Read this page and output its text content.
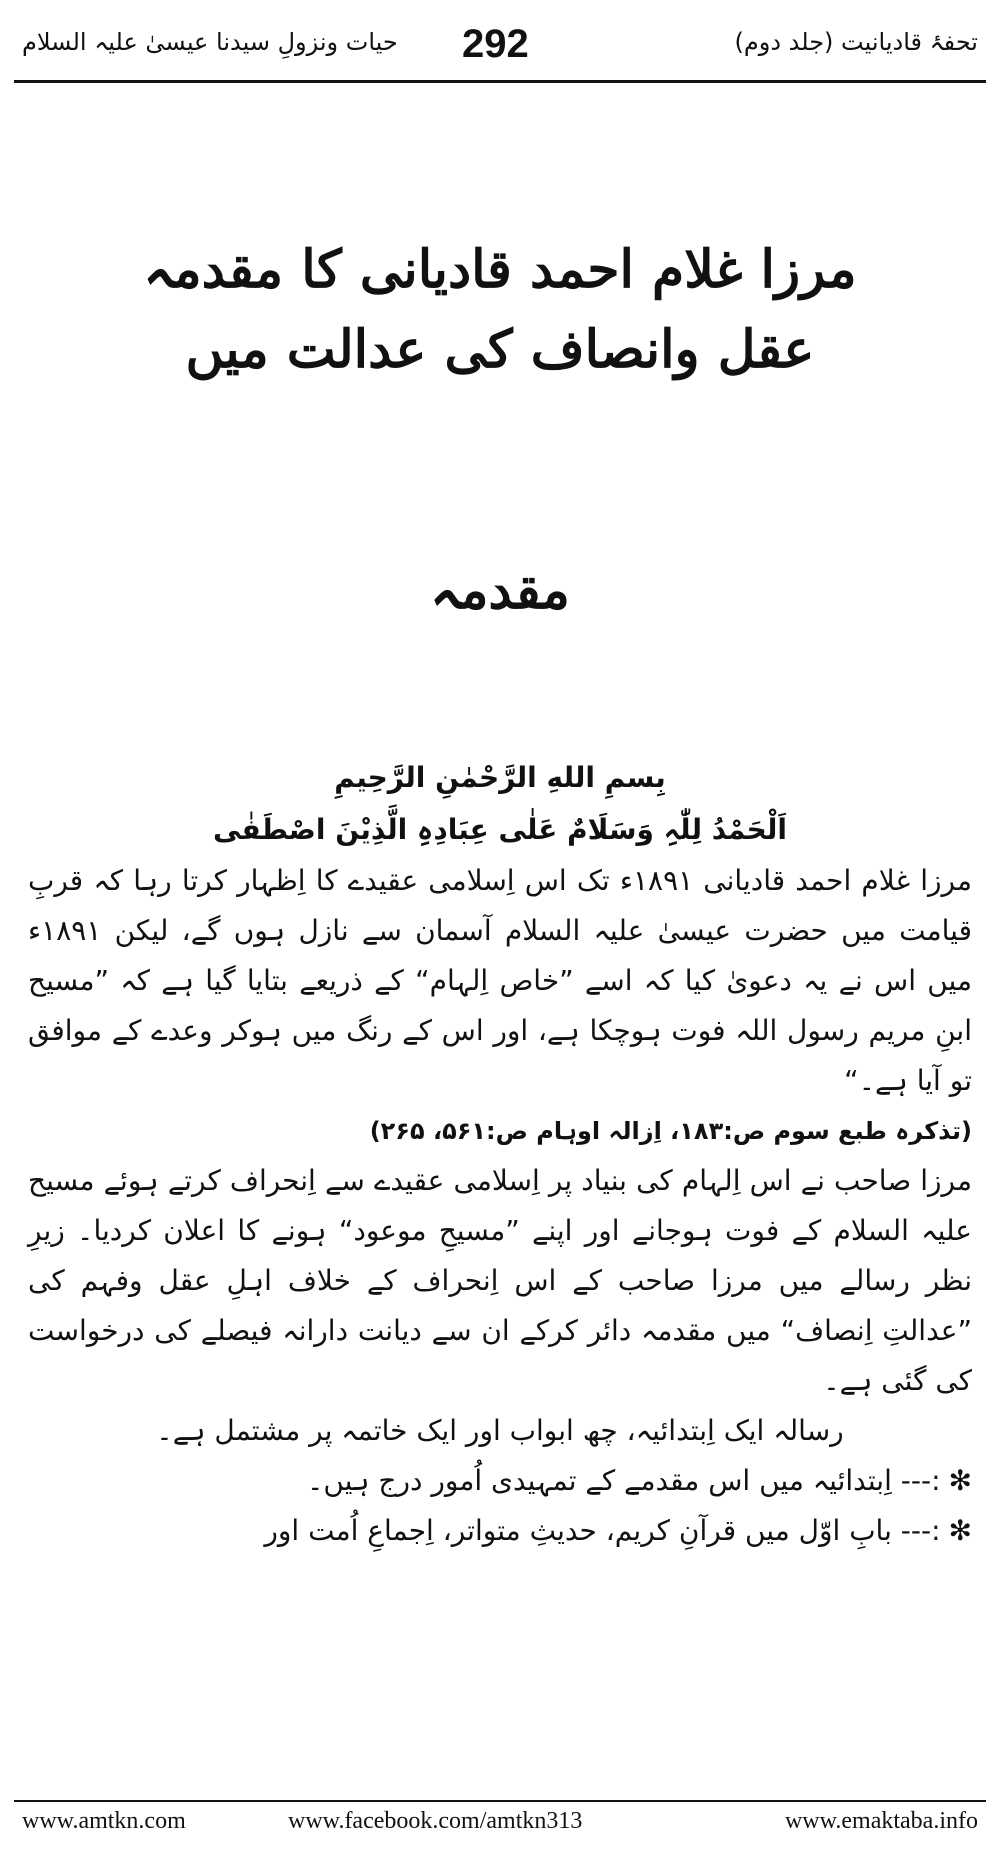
تحفۂ قادیانیت (جلد دوم)
292
حیات ونزولِ سیدنا عیسیٰ علیہ السلام
مرزا غلام احمد قادیانی کا مقدمہ
عقل وانصاف کی عدالت میں
مقدمہ
بِسمِ اللهِ الرَّحْمٰنِ الرَّحِیمِ
اَلْحَمْدُ لِلّٰہِ وَسَلَامٌ عَلٰی عِبَادِہِ الَّذِیْنَ اصْطَفٰی
مرزا غلام احمد قادیانی ۱۸۹۱ء تک اس اِسلامی عقیدے کا اِظہار کرتا رہا کہ قربِ قیامت میں حضرت عیسیٰ علیہ السلام آسمان سے نازل ہوں گے، لیکن ۱۸۹۱ء میں اس نے یہ دعویٰ کیا کہ اسے ”خاص اِلہام“ کے ذریعے بتایا گیا ہے کہ ”مسیح ابنِ مریم رسول اللہ فوت ہوچکا ہے، اور اس کے رنگ میں ہوکر وعدے کے موافق تو آیا ہے۔“
(تذکرہ طبع سوم ص:۱۸۳، اِزالہ اوہام ص:۵۶۱، ۲۶۵)
مرزا صاحب نے اس اِلہام کی بنیاد پر اِسلامی عقیدے سے اِنحراف کرتے ہوئے مسیح علیہ السلام کے فوت ہوجانے اور اپنے ”مسیحِ موعود“ ہونے کا اعلان کردیا۔ زیرِ نظر رسالے میں مرزا صاحب کے اس اِنحراف کے خلاف اہلِ عقل وفہم کی ”عدالتِ اِنصاف“ میں مقدمہ دائر کرکے ان سے دیانت دارانہ فیصلے کی درخواست کی گئی ہے۔
رسالہ ایک اِبتدائیہ، چھ ابواب اور ایک خاتمہ پر مشتمل ہے۔
✻:--- اِبتدائیہ میں اس مقدمے کے تمہیدی اُمور درج ہیں۔
✻:--- بابِ اوّل میں قرآنِ کریم، حدیثِ متواتر، اِجماعِ اُمت اور
www.amtkn.com	www.facebook.com/amtkn313	www.emaktaba.info
